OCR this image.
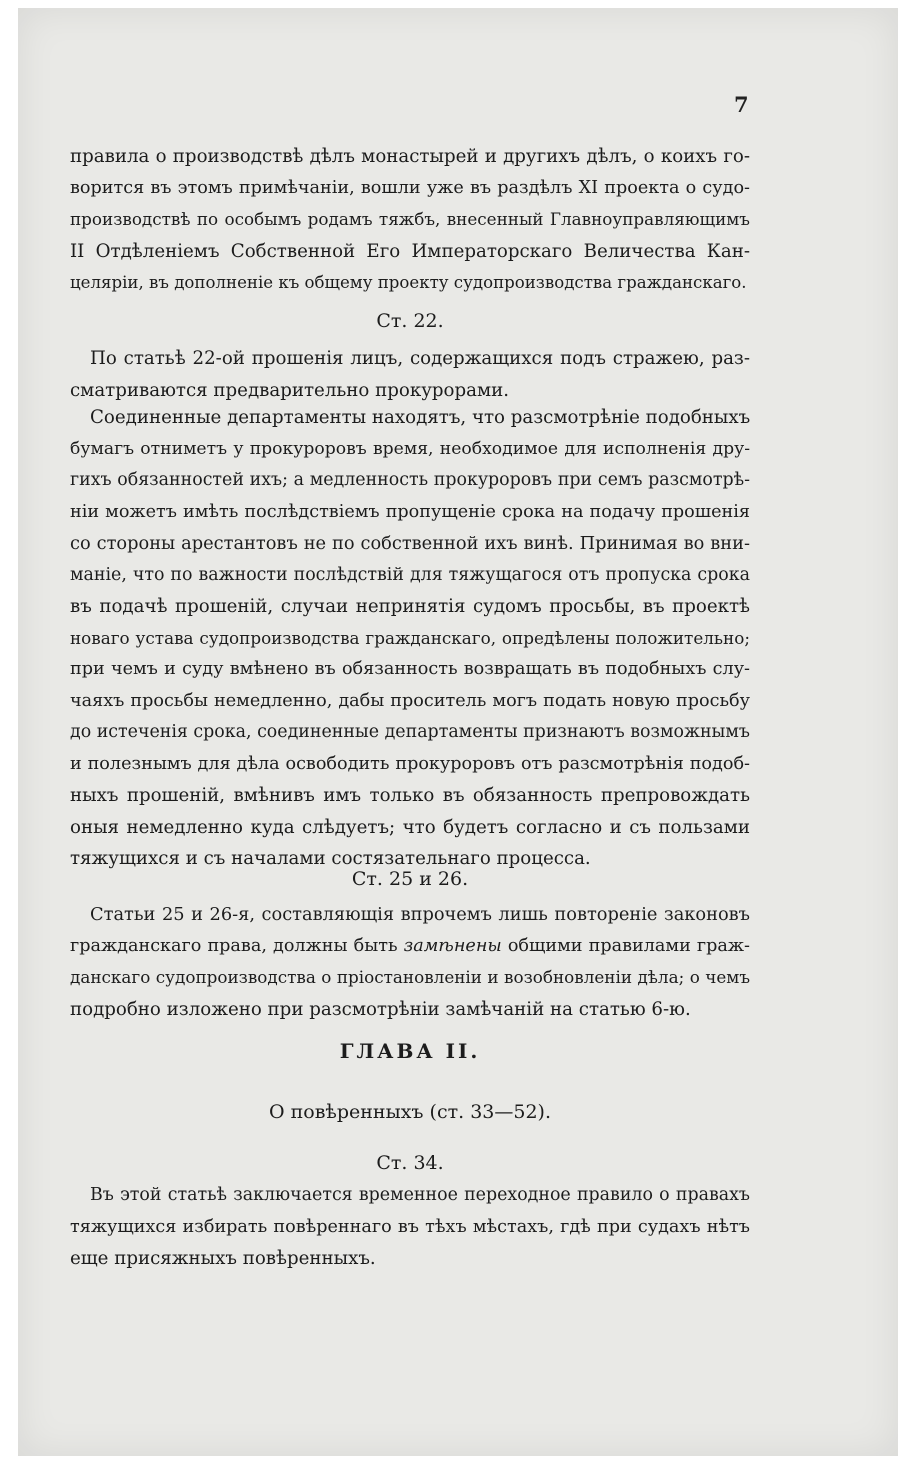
7
правила о производствѣ дѣлъ монастырей и другихъ дѣлъ, о коихъ го-
ворится въ этомъ примѣчаніи, вошли уже въ раздѣлъ XI проекта о судо-
производствѣ по особымъ родамъ тяжбъ, внесенный Главноуправляющимъ
II Отдѣленіемъ Собственной Его Императорскаго Величества Кан-
целяріи, въ дополненіе къ общему проекту судопроизводства гражданскаго.
Ст. 22.
По статьѣ 22-ой прошенія лицъ, содержащихся подъ стражею, раз-
сматриваются предварительно прокурорами.
Соединенные департаменты находятъ, что разсмотрѣніе подобныхъ
бумагъ отниметъ у прокуроровъ время, необходимое для исполненія дру-
гихъ обязанностей ихъ; а медленность прокуроровъ при семъ разсмотрѣ-
ніи можетъ имѣть послѣдствіемъ пропущеніе срока на подачу прошенія
со стороны арестантовъ не по собственной ихъ винѣ. Принимая во вни-
маніе, что по важности послѣдствій для тяжущагося отъ пропуска срока
въ подачѣ прошеній, случаи непринятія судомъ просьбы, въ проектѣ
новаго устава судопроизводства гражданскаго, опредѣлены положительно;
при чемъ и суду вмѣнено въ обязанность возвращать въ подобныхъ слу-
чаяхъ просьбы немедленно, дабы проситель могъ подать новую просьбу
до истеченія срока, соединенные департаменты признаютъ возможнымъ
и полезнымъ для дѣла освободить прокуроровъ отъ разсмотрѣнія подоб-
ныхъ прошеній, вмѣнивъ имъ только въ обязанность препровождать
оныя немедленно куда слѣдуетъ; что будетъ согласно и съ пользами
тяжущихся и съ началами состязательнаго процесса.
Ст. 25 и 26.
Статьи 25 и 26-я, составляющія впрочемъ лишь повтореніе законовъ
гражданскаго права, должны быть замѣнены общими правилами граж-
данскаго судопроизводства о пріостановленіи и возобновленіи дѣла; о чемъ
подробно изложено при разсмотрѣніи замѣчаній на статью 6-ю.
ГЛАВА II.
О повѣренныхъ (ст. 33—52).
Ст. 34.
Въ этой статьѣ заключается временное переходное правило о правахъ
тяжущихся избирать повѣреннаго въ тѣхъ мѣстахъ, гдѣ при судахъ нѣтъ
еще присяжныхъ повѣренныхъ.
